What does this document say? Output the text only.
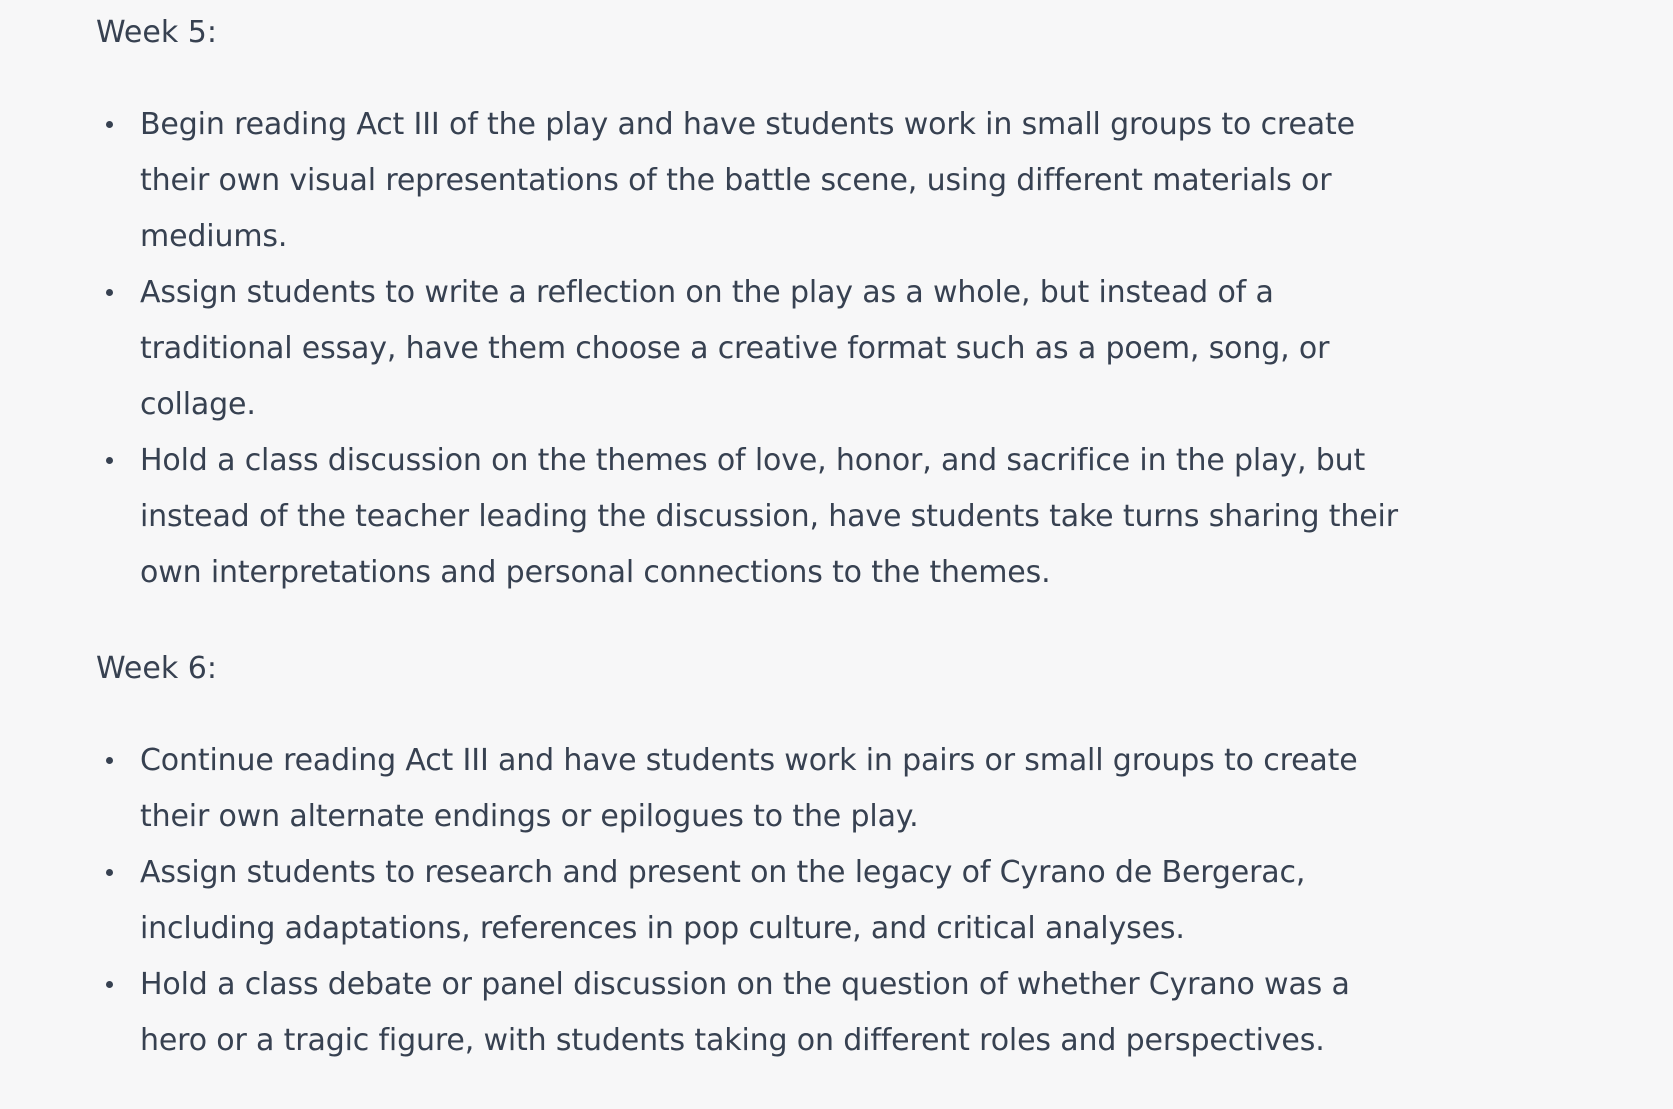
Week 5:

Begin reading Act III of the play and have students work in small groups to create their own visual representations of the battle scene, using different materials or mediums.
Assign students to write a reflection on the play as a whole, but instead of a traditional essay, have them choose a creative format such as a poem, song, or collage.
Hold a class discussion on the themes of love, honor, and sacrifice in the play, but instead of the teacher leading the discussion, have students take turns sharing their own interpretations and personal connections to the themes.

Week 6:

Continue reading Act III and have students work in pairs or small groups to create their own alternate endings or epilogues to the play.
Assign students to research and present on the legacy of Cyrano de Bergerac, including adaptations, references in pop culture, and critical analyses.
Hold a class debate or panel discussion on the question of whether Cyrano was a hero or a tragic figure, with students taking on different roles and perspectives.
